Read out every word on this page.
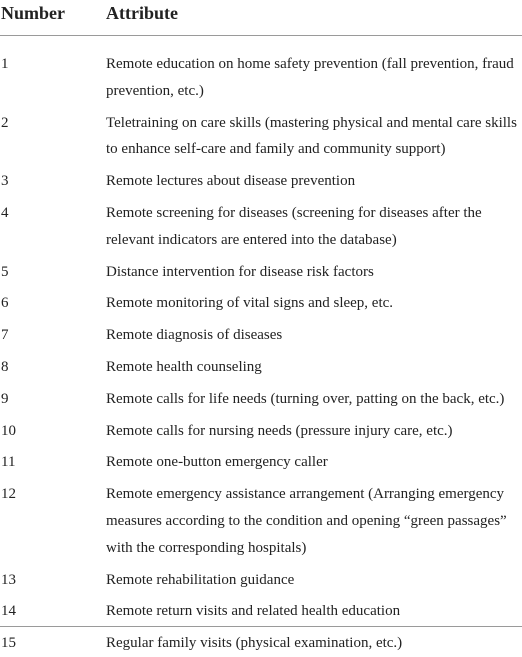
Number Attribute
1	Remote education on home safety prevention (fall prevention, fraud prevention, etc.)
2	Teletraining on care skills (mastering physical and mental care skills to enhance self-care and family and community support)
3	Remote lectures about disease prevention
4	Remote screening for diseases (screening for diseases after the relevant indicators are entered into the database)
5	Distance intervention for disease risk factors
6	Remote monitoring of vital signs and sleep, etc.
7	Remote diagnosis of diseases
8	Remote health counseling
9	Remote calls for life needs (turning over, patting on the back, etc.)
10	Remote calls for nursing needs (pressure injury care, etc.)
11	Remote one-button emergency caller
12	Remote emergency assistance arrangement (Arranging emergency measures according to the condition and opening “green passages” with the corresponding hospitals)
13	Remote rehabilitation guidance
14	Remote return visits and related health education
15	Regular family visits (physical examination, etc.)
